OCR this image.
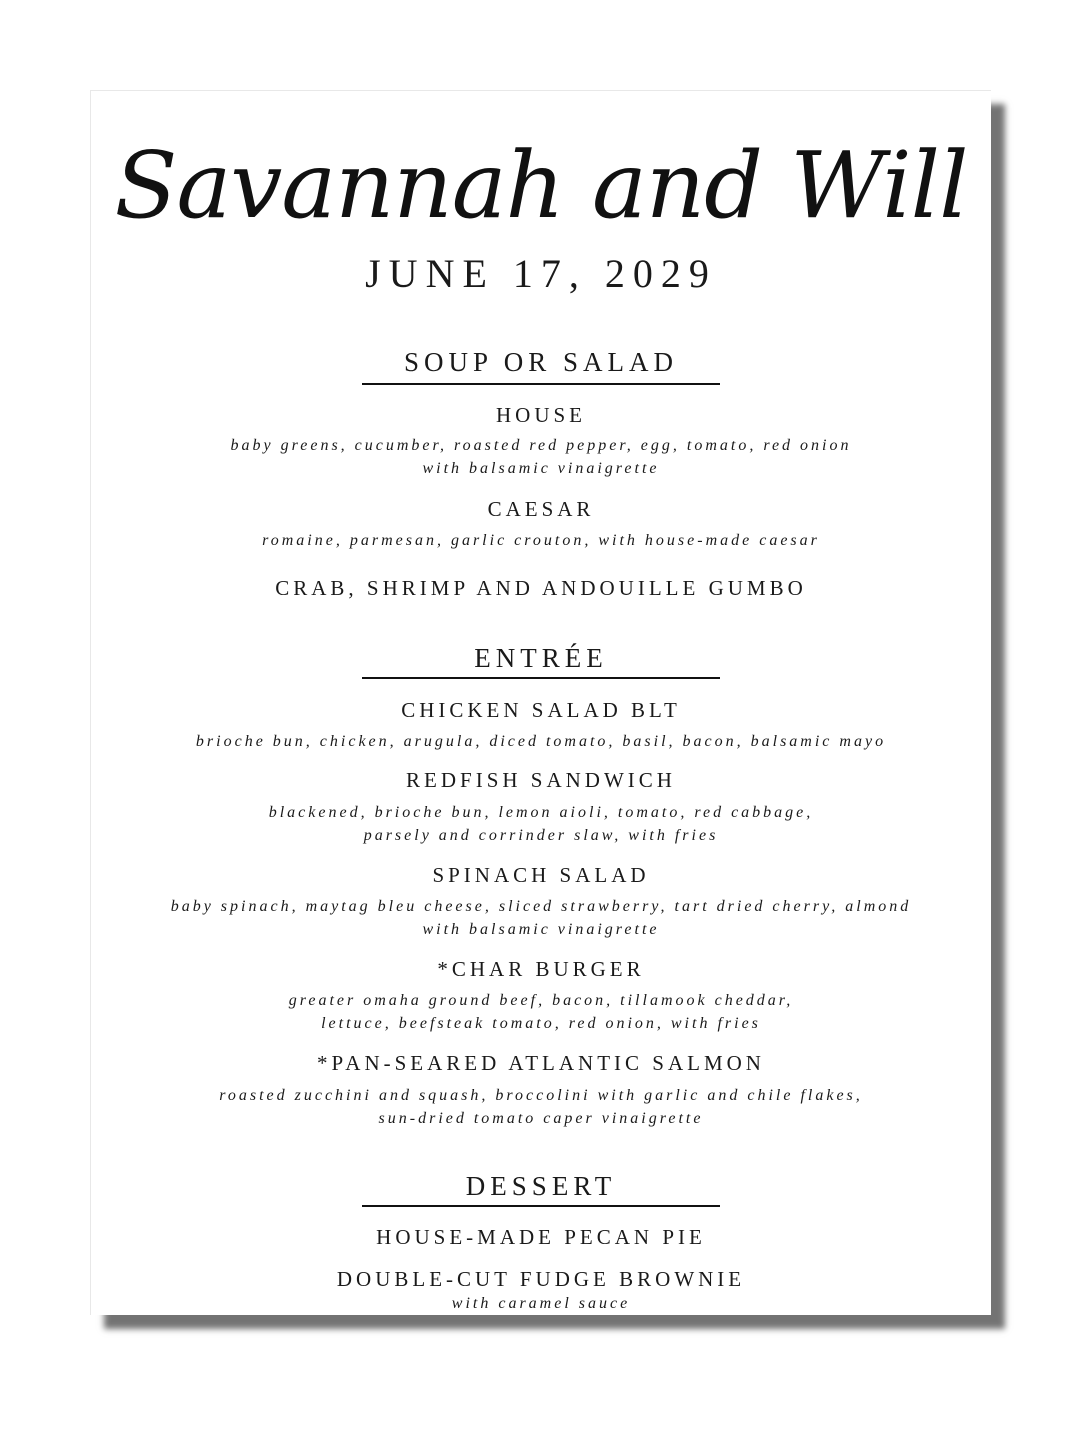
Savannah and Will
JUNE 17, 2029
SOUP OR SALAD
HOUSE
baby greens, cucumber, roasted red pepper, egg, tomato, red onion
with balsamic vinaigrette
CAESAR
romaine, parmesan, garlic crouton, with house-made caesar
CRAB, SHRIMP AND ANDOUILLE GUMBO
ENTRÉE
CHICKEN SALAD BLT
brioche bun, chicken, arugula, diced tomato, basil, bacon, balsamic mayo
REDFISH SANDWICH
blackened, brioche bun, lemon aioli, tomato, red cabbage,
parsely and corrinder slaw, with fries
SPINACH SALAD
baby spinach, maytag bleu cheese, sliced strawberry, tart dried cherry, almond
with balsamic vinaigrette
*CHAR BURGER
greater omaha ground beef, bacon, tillamook cheddar,
lettuce, beefsteak tomato, red onion, with fries
*PAN-SEARED ATLANTIC SALMON
roasted zucchini and squash, broccolini with garlic and chile flakes,
sun-dried tomato caper vinaigrette
DESSERT
HOUSE-MADE PECAN PIE
DOUBLE-CUT FUDGE BROWNIE
with caramel sauce
